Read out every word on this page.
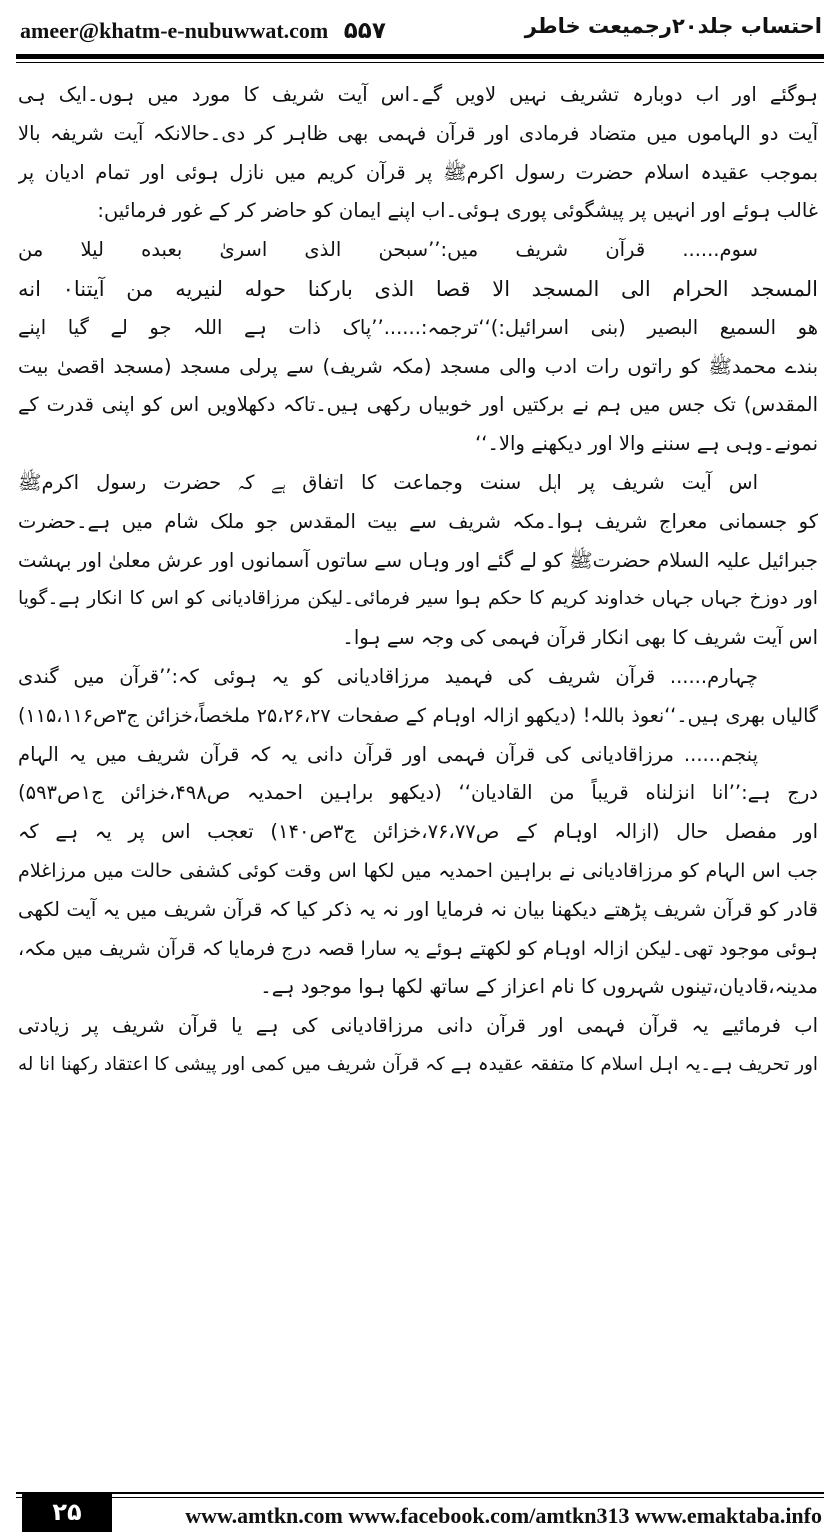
ameer@khatm-e-nubuwwat.com ۵۵۷	احتساب جلد۲۰رجمیعت خاطر
ہوگئے اور اب دوبارہ تشریف نہیں لاویں گے۔اس آیت شریف کا مورد میں ہوں۔ایک ہی
آیت دو الہاموں میں متضاد فرمادی اور قرآن فہمی بھی ظاہر کر دی۔حالانکہ آیت شریفہ بالا
بموجب عقیدہ اسلام حضرت رسول اکرمﷺ پر قرآن کریم میں نازل ہوئی اور تمام ادیان پر
غالب ہوئے اور انہیں پر پیشگوئی پوری ہوئی۔اب اپنے ایمان کو حاضر کر کے غور فرمائیں:
سوم...... قرآن شریف میں:’’سبحن الذی اسریٰ بعبده لیلا من
المسجد الحرام الی المسجد الا قصا الذی بارکنا حوله لنیریه من آیتنا۰ انه
هو السمیع البصیر (بنی اسرائیل:)‘‘ترجمہ:......’’پاک ذات ہے اللہ جو لے گیا اپنے
بندے محمدﷺ کو راتوں رات ادب والی مسجد (مکہ شریف) سے پرلی مسجد (مسجد اقصیٰ بیت
المقدس) تک جس میں ہم نے برکتیں اور خوبیاں رکھی ہیں۔تاکہ دکھلاویں اس کو اپنی قدرت کے
نمونے۔وہی ہے سننے والا اور دیکھنے والا۔‘‘
اس آیت شریف پر اہل سنت وجماعت کا اتفاق ہے کہ حضرت رسول اکرمﷺ
کو جسمانی معراج شریف ہوا۔مکہ شریف سے بیت المقدس جو ملک شام میں ہے۔حضرت
جبرائیل علیہ السلام حضرتﷺ کو لے گئے اور وہاں سے ساتوں آسمانوں اور عرش معلیٰ اور بہشت
اور دوزخ جہاں جہاں خداوند کریم کا حکم ہوا سیر فرمائی۔لیکن مرزاقادیانی کو اس کا انکار ہے۔گویا
اس آیت شریف کا بھی انکار قرآن فہمی کی وجہ سے ہوا۔
چہارم...... قرآن شریف کی فہمید مرزاقادیانی کو یہ ہوئی کہ:’’قرآن میں گندی
گالیاں بھری ہیں۔‘‘نعوذ باللہ! (دیکھو ازالہ اوہام کے صفحات ۲۵،۲۶،۲۷ ملخصاً،خزائن ج۳ص۱۱۵،۱۱۶)
پنجم...... مرزاقادیانی کی قرآن فہمی اور قرآن دانی یہ کہ قرآن شریف میں یہ الہام
درج ہے:’’انا انزلناه قریباً من القادیان‘‘ (دیکھو براہین احمدیہ ص۴۹۸،خزائن ج۱ص۵۹۳)
اور مفصل حال (ازالہ اوہام کے ص۷۶،۷۷،خزائن ج۳ص۱۴۰) تعجب اس پر یہ ہے کہ
جب اس الہام کو مرزاقادیانی نے براہین احمدیہ میں لکھا اس وقت کوئی کشفی حالت میں مرزاغلام
قادر کو قرآن شریف پڑھتے دیکھنا بیان نہ فرمایا اور نہ یہ ذکر کیا کہ قرآن شریف میں یہ آیت لکھی
ہوئی موجود تھی۔لیکن ازالہ اوہام کو لکھتے ہوئے یہ سارا قصہ درج فرمایا کہ قرآن شریف میں مکہ،
مدینہ،قادیان،تینوں شہروں کا نام اعزاز کے ساتھ لکھا ہوا موجود ہے۔
اب فرمائیے یہ قرآن فہمی اور قرآن دانی مرزاقادیانی کی ہے یا قرآن شریف پر زیادتی
اور تحریف ہے۔یہ اہل اسلام کا متفقہ عقیدہ ہے کہ قرآن شریف میں کمی اور پیشی کا اعتقاد رکھنا انا له
۲۵	www.amtkn.com www.facebook.com/amtkn313 www.emaktaba.info
